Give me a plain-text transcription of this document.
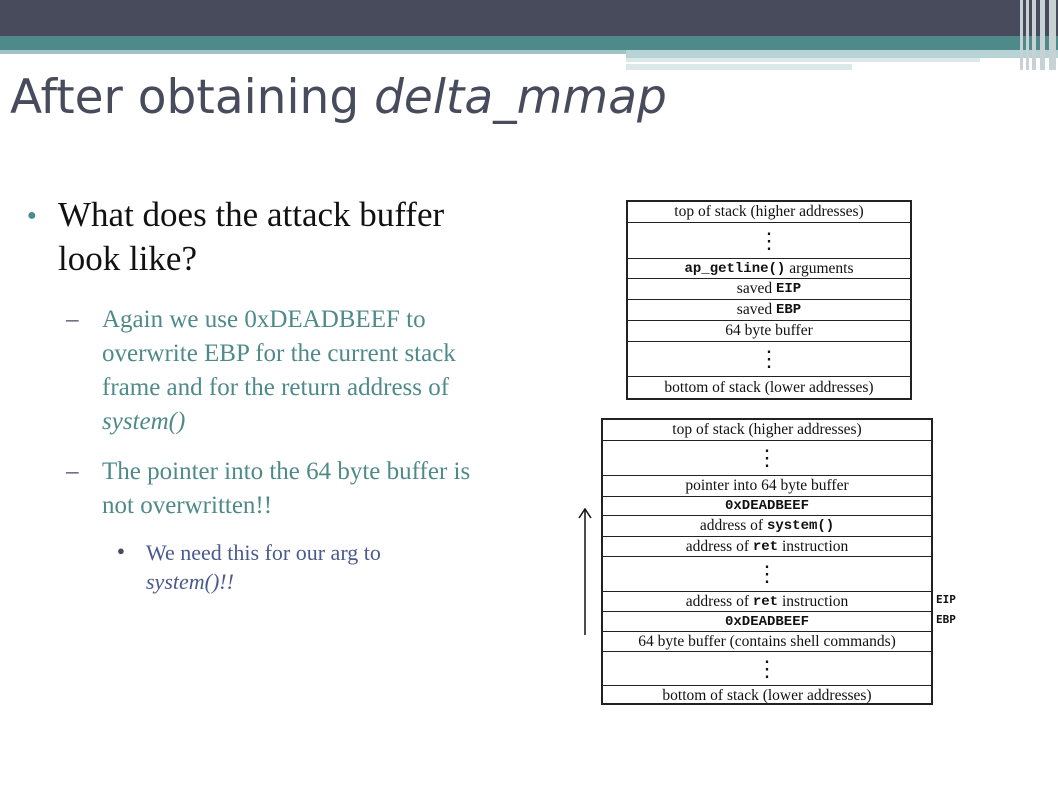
After obtaining delta_mmap
● What does the attack buffer look like?
– Again we use 0xDEADBEEF to overwrite EBP for the current stack frame and for the return address of system()
– The pointer into the 64 byte buffer is not overwritten!!
● We need this for our arg to system()!!
top of stack (higher addresses)
⋮
ap_getline() arguments
saved EIP
saved EBP
64 byte buffer
⋮
bottom of stack (lower addresses)
top of stack (higher addresses)
⋮
pointer into 64 byte buffer
0xDEADBEEF
address of system()
address of ret instruction
⋮
address of ret instruction
0xDEADBEEF
64 byte buffer (contains shell commands)
⋮
bottom of stack (lower addresses)
EIP
EBP
